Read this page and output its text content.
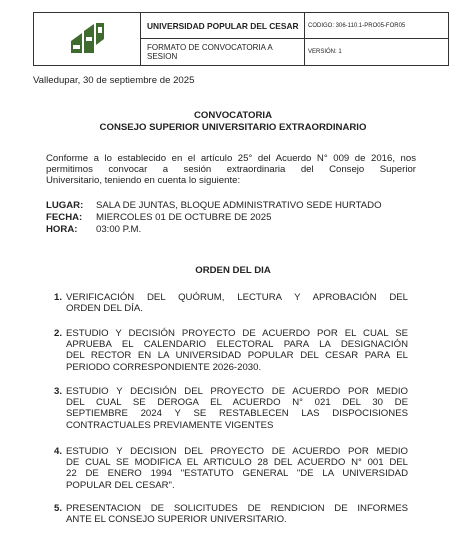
UNIVERSIDAD POPULAR DEL CESAR	CODIGO: 306-110.1-PRO05-FOR05
FORMATO DE CONVOCATORIA A SESION	VERSIÓN: 1
Valledupar, 30 de septiembre de 2025
CONVOCATORIA
CONSEJO SUPERIOR UNIVERSITARIO EXTRAORDINARIO
Conforme a lo establecido en el artículo 25° del Acuerdo N° 009 de 2016, nos
permitimos convocar a sesión extraordinaria del Consejo Superior
Universitario, teniendo en cuenta lo siguiente:
LUGAR: SALA DE JUNTAS, BLOQUE ADMINISTRATIVO SEDE HURTADO
FECHA: MIERCOLES 01 DE OCTUBRE DE 2025
HORA: 03:00 P.M.
ORDEN DEL DIA
1. VERIFICACIÓN DEL QUÓRUM, LECTURA Y APROBACIÓN DEL
ORDEN DEL DÍA.
2. ESTUDIO Y DECISIÓN PROYECTO DE ACUERDO POR EL CUAL SE
APRUEBA EL CALENDARIO ELECTORAL PARA LA DESIGNACIÓN
DEL RECTOR EN LA UNIVERSIDAD POPULAR DEL CESAR PARA EL
PERIODO CORRESPONDIENTE 2026-2030.
3. ESTUDIO Y DECISIÓN DEL PROYECTO DE ACUERDO POR MEDIO
DEL CUAL SE DEROGA EL ACUERDO N° 021 DEL 30 DE
SEPTIEMBRE 2024 Y SE RESTABLECEN LAS DISPOCISIONES
CONTRACTUALES PREVIAMENTE VIGENTES
4. ESTUDIO Y DECISION DEL PROYECTO DE ACUERDO POR MEDIO
DE CUAL SE MODIFICA EL ARTICULO 28 DEL ACUERDO N° 001 DEL
22 DE ENERO 1994 "ESTATUTO GENERAL "DE LA UNIVERSIDAD
POPULAR DEL CESAR".
5. PRESENTACION DE SOLICITUDES DE RENDICION DE INFORMES
ANTE EL CONSEJO SUPERIOR UNIVERSITARIO.
